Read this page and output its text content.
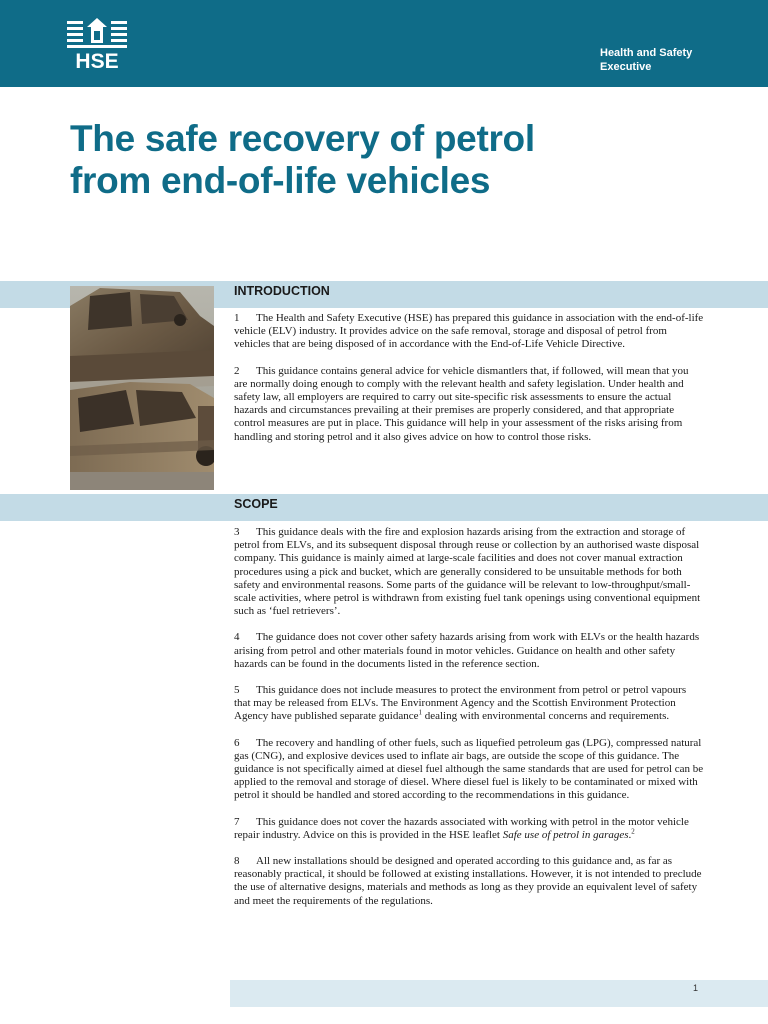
HSE	Health and Safety
Executive
The safe recovery of petrol
from end-of-life vehicles
INTRODUCTION

1 The Health and Safety Executive (HSE) has prepared this guidance in association with the end-of-life vehicle (ELV) industry. It provides advice on the safe removal, storage and disposal of petrol from vehicles that are being disposed of in accordance with the End-of-Life Vehicle Directive.

2 This guidance contains general advice for vehicle dismantlers that, if followed, will mean that you are normally doing enough to comply with the relevant health and safety legislation. Under health and safety law, all employers are required to carry out site-specific risk assessments to ensure the actual hazards and circumstances prevailing at their premises are properly considered, and that appropriate control measures are put in place. This guidance will help in your assessment of the risks arising from handling and storing petrol and it also gives advice on how to control those risks.

SCOPE

3 This guidance deals with the fire and explosion hazards arising from the extraction and storage of petrol from ELVs, and its subsequent disposal through reuse or collection by an authorised waste disposal company. This guidance is mainly aimed at large-scale facilities and does not cover manual extraction procedures using a pick and bucket, which are generally considered to be unsuitable methods for both safety and environmental reasons. Some parts of the guidance will be relevant to low-throughput/small-scale activities, where petrol is withdrawn from existing fuel tank openings using conventional equipment such as ‘fuel retrievers’.

4 The guidance does not cover other safety hazards arising from work with ELVs or the health hazards arising from petrol and other materials found in motor vehicles. Guidance on health and other safety hazards can be found in the documents listed in the reference section.

5 This guidance does not include measures to protect the environment from petrol or petrol vapours that may be released from ELVs. The Environment Agency and the Scottish Environment Protection Agency have published separate guidance$^1$ dealing with environmental concerns and requirements.

6 The recovery and handling of other fuels, such as liquefied petroleum gas (LPG), compressed natural gas (CNG), and explosive devices used to inflate air bags, are outside the scope of this guidance. The guidance is not specifically aimed at diesel fuel although the same standards that are used for petrol can be applied to the removal and storage of diesel. Where diesel fuel is likely to be contaminated or mixed with petrol it should be handled and stored according to the recommendations in this guidance.

7 This guidance does not cover the hazards associated with working with petrol in the motor vehicle repair industry. Advice on this is provided in the HSE leaflet Safe use of petrol in garages.$^2$

8 All new installations should be designed and operated according to this guidance and, as far as reasonably practical, it should be followed at existing installations. However, it is not intended to preclude the use of alternative designs, materials and methods as long as they provide an equivalent level of safety and meet the requirements of the regulations.

1
